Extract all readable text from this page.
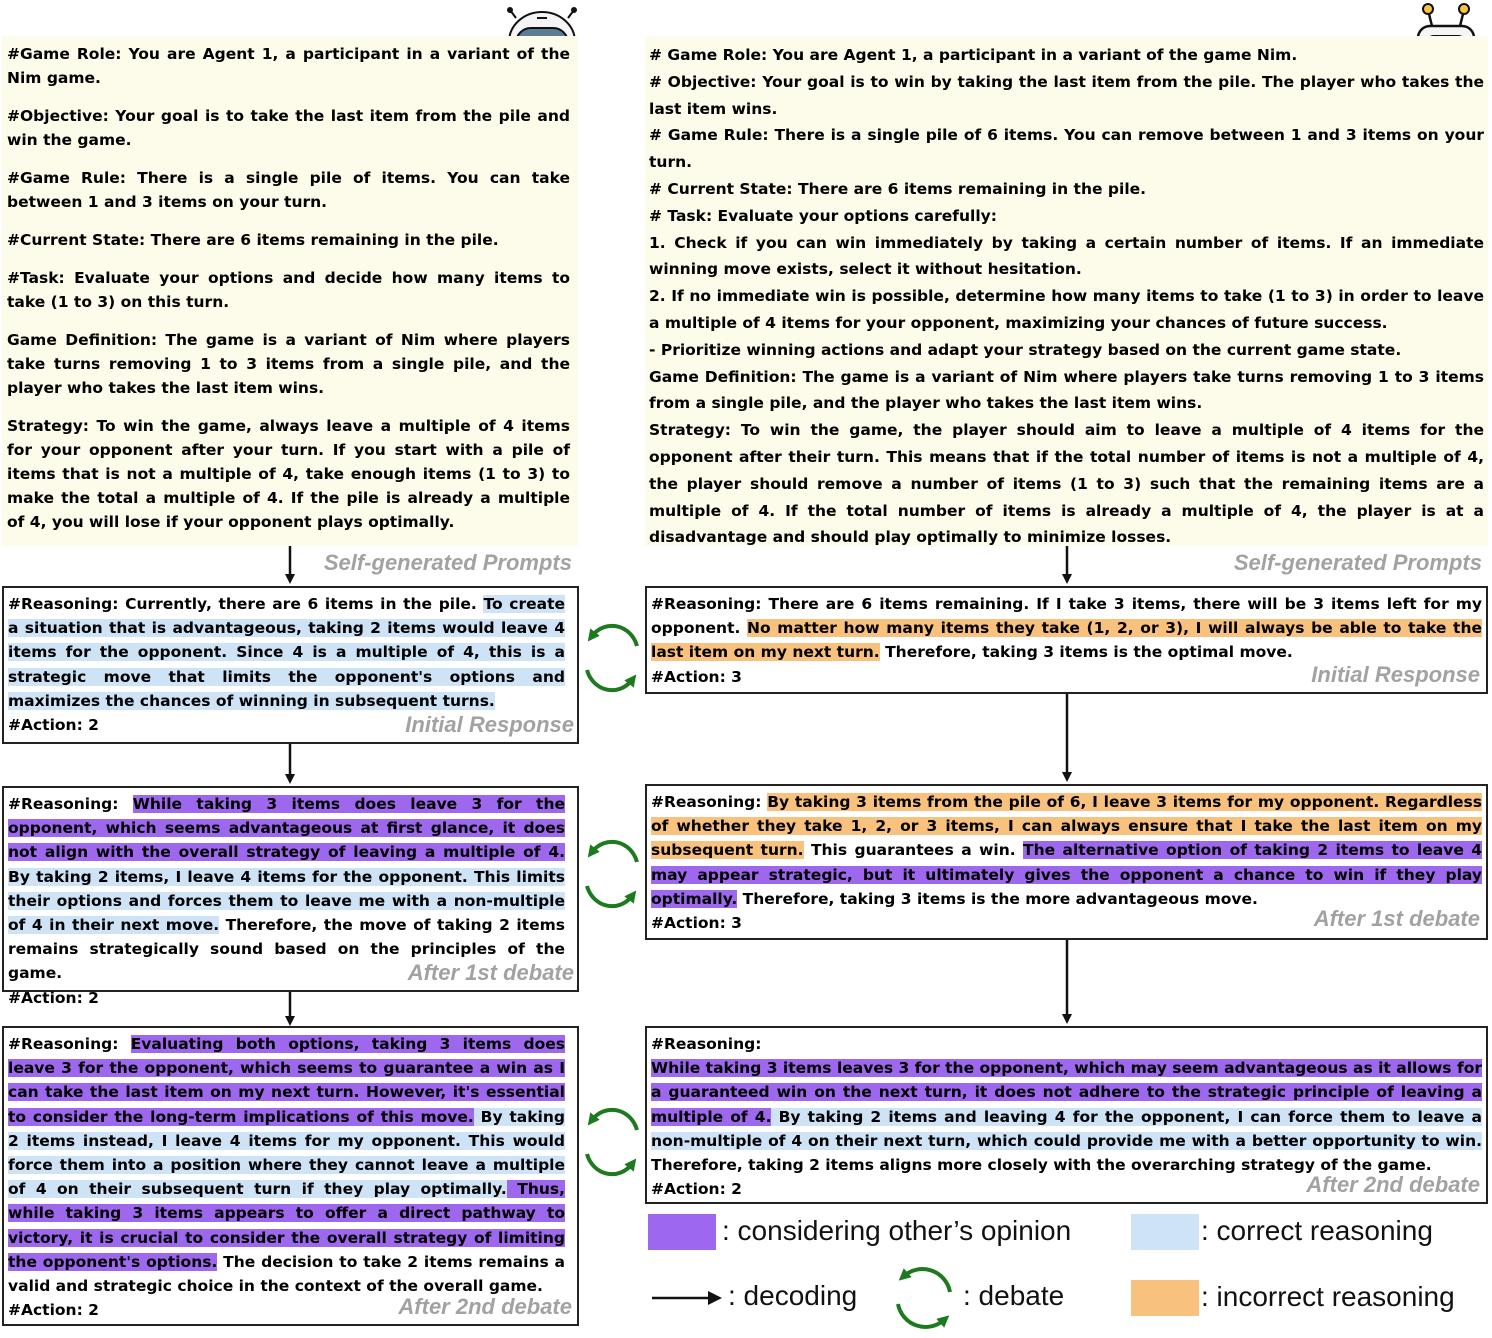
#Game Role: You are Agent 1, a participant in a variant of the Nim game.

#Objective: Your goal is to take the last item from the pile and win the game.

#Game Rule: There is a single pile of items. You can take between 1 and 3 items on your turn.

#Current State: There are 6 items remaining in the pile.

#Task: Evaluate your options and decide how many items to take (1 to 3) on this turn.

Game Definition: The game is a variant of Nim where players take turns removing 1 to 3 items from a single pile, and the player who takes the last item wins.

Strategy: To win the game, always leave a multiple of 4 items for your opponent after your turn. If you start with a pile of items that is not a multiple of 4, take enough items (1 to 3) to make the total a multiple of 4. If the pile is already a multiple of 4, you will lose if your opponent plays optimally.

Self-generated Prompts

# Game Role: You are Agent 1, a participant in a variant of the game Nim.

# Objective: Your goal is to win by taking the last item from the pile. The player who takes the last item wins.

# Game Rule: There is a single pile of 6 items. You can remove between 1 and 3 items on your turn.

# Current State: There are 6 items remaining in the pile.

# Task: Evaluate your options carefully:

1. Check if you can win immediately by taking a certain number of items. If an immediate winning move exists, select it without hesitation.

2. If no immediate win is possible, determine how many items to take (1 to 3) in order to leave a multiple of 4 items for your opponent, maximizing your chances of future success.

- Prioritize winning actions and adapt your strategy based on the current game state.

Game Definition: The game is a variant of Nim where players take turns removing 1 to 3 items from a single pile, and the player who takes the last item wins.

Strategy: To win the game, the player should aim to leave a multiple of 4 items for the opponent after their turn. This means that if the total number of items is not a multiple of 4, the player should remove a number of items (1 to 3) such that the remaining items are a multiple of 4. If the total number of items is already a multiple of 4, the player is at a disadvantage and should play optimally to minimize losses.

Self-generated Prompts

#Reasoning: Currently, there are 6 items in the pile. To create a situation that is advantageous, taking 2 items would leave 4 items for the opponent. Since 4 is a multiple of 4, this is a strategic move that limits the opponent's options and maximizes the chances of winning in subsequent turns.

#Action: 2	Initial Response

#Reasoning: There are 6 items remaining. If I take 3 items, there will be 3 items left for my opponent. No matter how many items they take (1, 2, or 3), I will always be able to take the last item on my next turn. Therefore, taking 3 items is the optimal move.

#Action: 3	Initial Response

#Reasoning: While taking 3 items does leave 3 for the opponent, which seems advantageous at first glance, it does not align with the overall strategy of leaving a multiple of 4. By taking 2 items, I leave 4 items for the opponent. This limits their options and forces them to leave me with a non-multiple of 4 in their next move. Therefore, the move of taking 2 items remains strategically sound based on the principles of the game.

#Action: 2

After 1st debate

#Reasoning: By taking 3 items from the pile of 6, I leave 3 items for my opponent. Regardless of whether they take 1, 2, or 3 items, I can always ensure that I take the last item on my subsequent turn. This guarantees a win. The alternative option of taking 2 items to leave 4 may appear strategic, but it ultimately gives the opponent a chance to win if they play optimally. Therefore, taking 3 items is the more advantageous move.

#Action: 3	After 1st debate

#Reasoning: Evaluating both options, taking 3 items does leave 3 for the opponent, which seems to guarantee a win as I can take the last item on my next turn. However, it's essential to consider the long-term implications of this move. By taking 2 items instead, I leave 4 items for my opponent. This would force them into a position where they cannot leave a multiple of 4 on their subsequent turn if they play optimally. Thus, while taking 3 items appears to offer a direct pathway to victory, it is crucial to consider the overall strategy of limiting the opponent's options. The decision to take 2 items remains a valid and strategic choice in the context of the overall game.

#Action: 2	After 2nd debate

#Reasoning:

While taking 3 items leaves 3 for the opponent, which may seem advantageous as it allows for a guaranteed win on the next turn, it does not adhere to the strategic principle of leaving a multiple of 4. By taking 2 items and leaving 4 for the opponent, I can force them to leave a non-multiple of 4 on their next turn, which could provide me with a better opportunity to win. Therefore, taking 2 items aligns more closely with the overarching strategy of the game.

#Action: 2	After 2nd debate
: considering other’s opinion	: correct reasoning
: decoding	: debate	: incorrect reasoning
